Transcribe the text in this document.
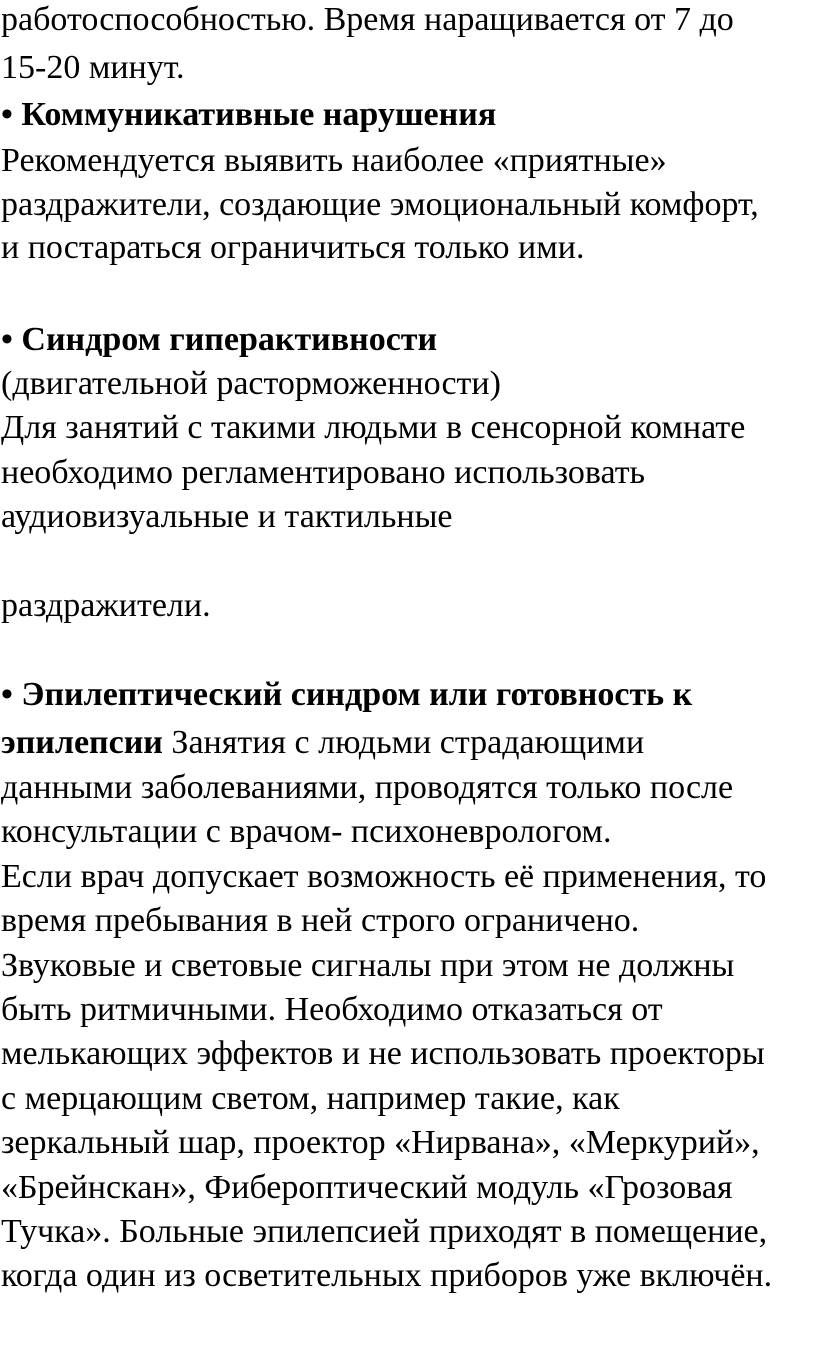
работоспособностью. Время наращивается от 7 до

15-20 минут.

• Коммуникативные нарушения

Рекомендуется выявить наиболее «приятные»

раздражители, создающие эмоциональный комфорт,

и постараться ограничиться только ими.

• Синдром гиперактивности

(двигательной расторможенности)

Для занятий с такими людьми в сенсорной комнате

необходимо регламентировано использовать

аудиовизуальные и тактильные

раздражители.

• Эпилептический синдром или готовность к

эпилепсии Занятия с людьми страдающими

данными заболеваниями, проводятся только после

консультации с врачом- психоневрологом.

Если врач допускает возможность её применения, то

время пребывания в ней строго ограничено.

Звуковые и световые сигналы при этом не должны

быть ритмичными. Необходимо отказаться от

мелькающих эффектов и не использовать проекторы

с мерцающим светом, например такие, как

зеркальный шар, проектор «Нирвана», «Меркурий»,

«Брейнскан», Фибероптический модуль «Грозовая

Тучка». Больные эпилепсией приходят в помещение,

когда один из осветительных приборов уже включён.
